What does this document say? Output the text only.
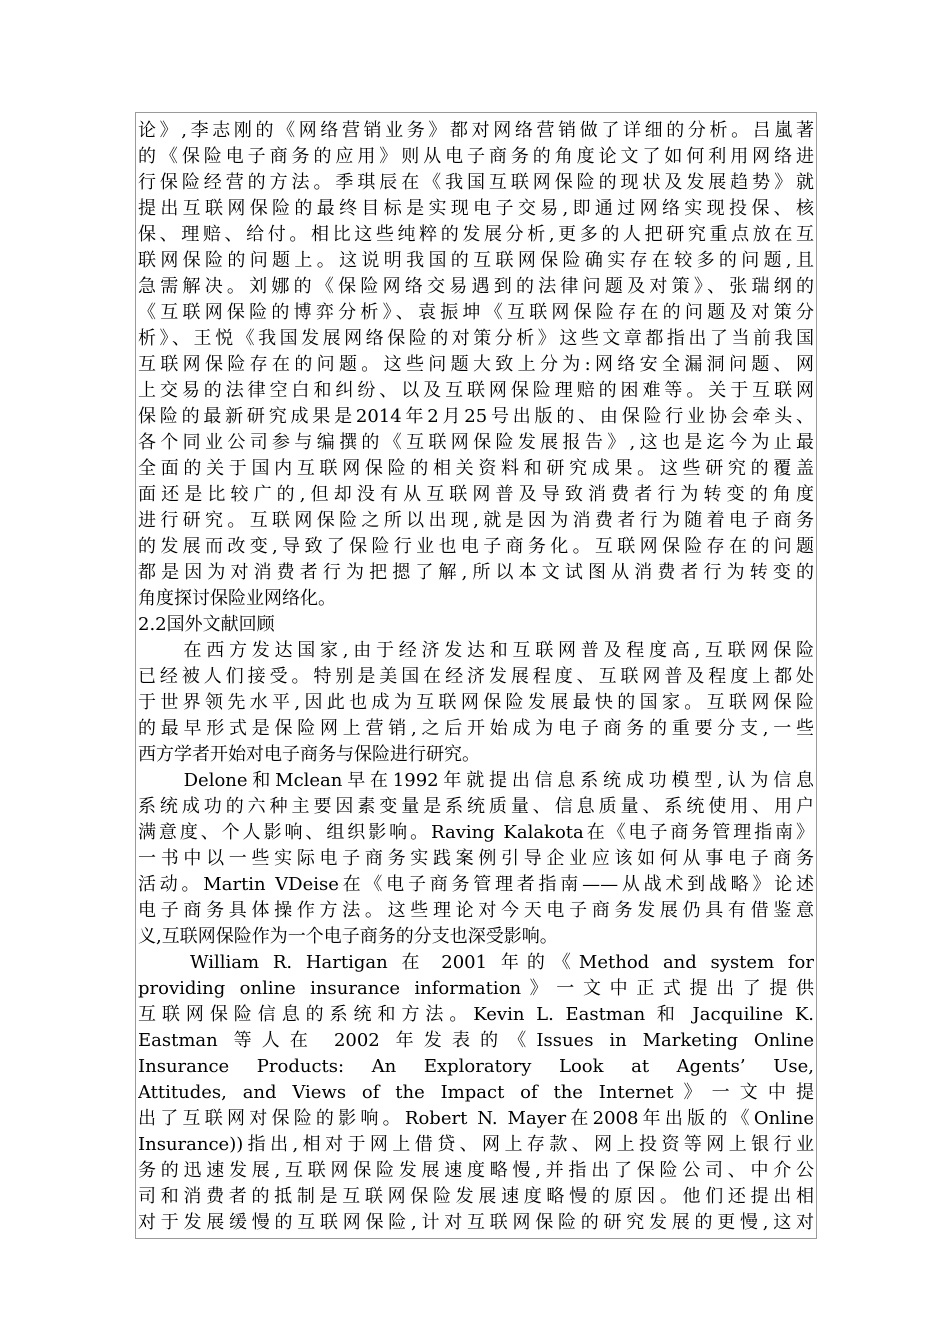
论》,李志刚的《网络营销业务》都对网络营销做了详细的分析。吕嵐著
的《保险电子商务的应用》则从电子商务的角度论文了如何利用网络进
行保险经营的方法。季琪辰在《我国互联网保险的现状及发展趋势》就
提出互联网保险的最终目标是实现电子交易,即通过网络实现投保、核
保、理赔、给付。相比这些纯粹的发展分析,更多的人把研究重点放在互
联网保险的问题上。这说明我国的互联网保险确实存在较多的问题,且
急需解决。刘娜的《保险网络交易遇到的法律问题及对策》、张瑞纲的
《互联网保险的博弈分析》、袁振坤《互联网保险存在的问题及对策分
析》、王悦《我国发展网络保险的对策分析》这些文章都指出了当前我国
互联网保险存在的问题。这些问题大致上分为:网络安全漏洞问题、网
上交易的法律空白和纠纷、以及互联网保险理赔的困难等。关于互联网
保险的最新研究成果是2014年2月25号出版的、由保险行业协会牵头、
各个同业公司参与编撰的《互联网保险发展报告》,这也是迄今为止最
全面的关于国内互联网保险的相关资料和研究成果。这些研究的覆盖
面还是比较广的,但却没有从互联网普及导致消费者行为转变的角度
进行研究。互联网保险之所以出现,就是因为消费者行为随着电子商务
的发展而改变,导致了保险行业也电子商务化。互联网保险存在的问题
都是因为对消费者行为把摁了解,所以本文试图从消费者行为转变的
角度探讨保险业网络化。
2.2国外文献回顾
　　在西方发达国家,由于经济发达和互联网普及程度高,互联网保险
已经被人们接受。特别是美国在经济发展程度、互联网普及程度上都处
于世界领先水平,因此也成为互联网保险发展最快的国家。互联网保险
的最早形式是保险网上营销,之后开始成为电子商务的重要分支,一些
西方学者开始对电子商务与保险进行研究。
　　Delone和Mclean早在1992年就提出信息系统成功模型,认为信息
系统成功的六种主要因素变量是系统质量、信息质量、系统使用、用户
满意度、个人影响、组织影响。Raving Kalakota在《电子商务管理指南》
一书中以一些实际电子商务实践案例引导企业应该如何从事电子商务
活动。Martin VDeise在《电子商务管理者指南——从战术到战略》论述
电子商务具体操作方法。这些理论对今天电子商务发展仍具有借鉴意
义,互联网保险作为一个电子商务的分支也深受影响。
　　William R. Hartigan 在 2001 年的《Method and system for
providing online insurance information》一文中正式提出了提供
互联网保险信息的系统和方法。Kevin L. Eastman 和 Jacquiline K.
Eastman 等人在 2002 年发表的《Issues in Marketing Online
Insurance Products: An Exploratory Look at Agents’ Use,
Attitudes, and Views of the Impact of the Internet》一文中提
出了互联网对保险的影响。Robert N. Mayer在2008年出版的《Online
Insurance))指出,相对于网上借贷、网上存款、网上投资等网上银行业
务的迅速发展,互联网保险发展速度略慢,并指出了保险公司、中介公
司和消费者的抵制是互联网保险发展速度略慢的原因。他们还提出相
对于发展缓慢的互联网保险,计对互联网保险的研究发展的更慢,这对
